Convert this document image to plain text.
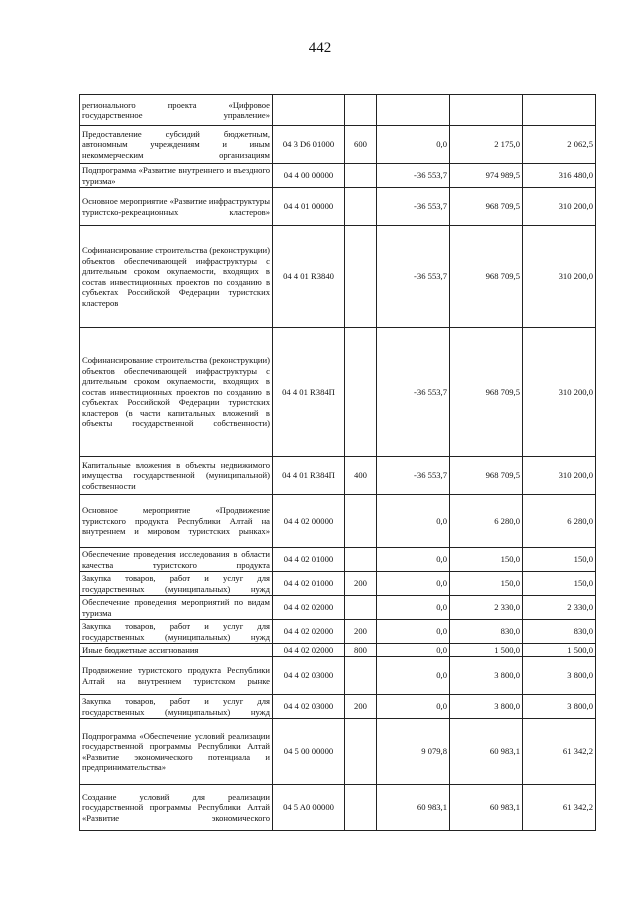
442
регионального проекта «Цифровое государственное управление»					
Предоставление субсидий бюджетным, автономным учреждениям и иным некоммерческим организациям	04 3 D6 01000	600	0,0	2 175,0	2 062,5
Подпрограмма «Развитие внутреннего и въездного туризма»	04 4 00 00000		-36 553,7	974 989,5	316 480,0
Основное мероприятие «Развитие инфраструктуры туристско-рекреационных кластеров»	04 4 01 00000		-36 553,7	968 709,5	310 200,0
Софинансирование строительства (реконструкции) объектов обеспечивающей инфраструктуры с длительным сроком окупаемости, входящих в состав инвестиционных проектов по созданию в субъектах Российской Федерации туристских кластеров	04 4 01 R3840		-36 553,7	968 709,5	310 200,0
Софинансирование строительства (реконструкции) объектов обеспечивающей инфраструктуры с длительным сроком окупаемости, входящих в состав инвестиционных проектов по созданию в субъектах Российской Федерации туристских кластеров (в части капитальных вложений в объекты государственной собственности)	04 4 01 R384П		-36 553,7	968 709,5	310 200,0
Капитальные вложения в объекты недвижимого имущества государственной (муниципальной) собственности	04 4 01 R384П	400	-36 553,7	968 709,5	310 200,0
Основное мероприятие «Продвижение туристского продукта Республики Алтай на внутреннем и мировом туристских рынках»	04 4 02 00000		0,0	6 280,0	6 280,0
Обеспечение проведения исследования в области качества туристского продукта	04 4 02 01000		0,0	150,0	150,0
Закупка товаров, работ и услуг для государственных (муниципальных) нужд	04 4 02 01000	200	0,0	150,0	150,0
Обеспечение проведения мероприятий по видам туризма	04 4 02 02000		0,0	2 330,0	2 330,0
Закупка товаров, работ и услуг для государственных (муниципальных) нужд	04 4 02 02000	200	0,0	830,0	830,0
Иные бюджетные ассигнования	04 4 02 02000	800	0,0	1 500,0	1 500,0
Продвижение туристского продукта Республики Алтай на внутреннем туристском рынке	04 4 02 03000		0,0	3 800,0	3 800,0
Закупка товаров, работ и услуг для государственных (муниципальных) нужд	04 4 02 03000	200	0,0	3 800,0	3 800,0
Подпрограмма «Обеспечение условий реализации государственной программы Республики Алтай «Развитие экономического потенциала и предпринимательства»	04 5 00 00000		9 079,8	60 983,1	61 342,2
Создание условий для реализации государственной программы Республики Алтай «Развитие экономического	04 5 A0 00000		60 983,1	60 983,1	61 342,2
